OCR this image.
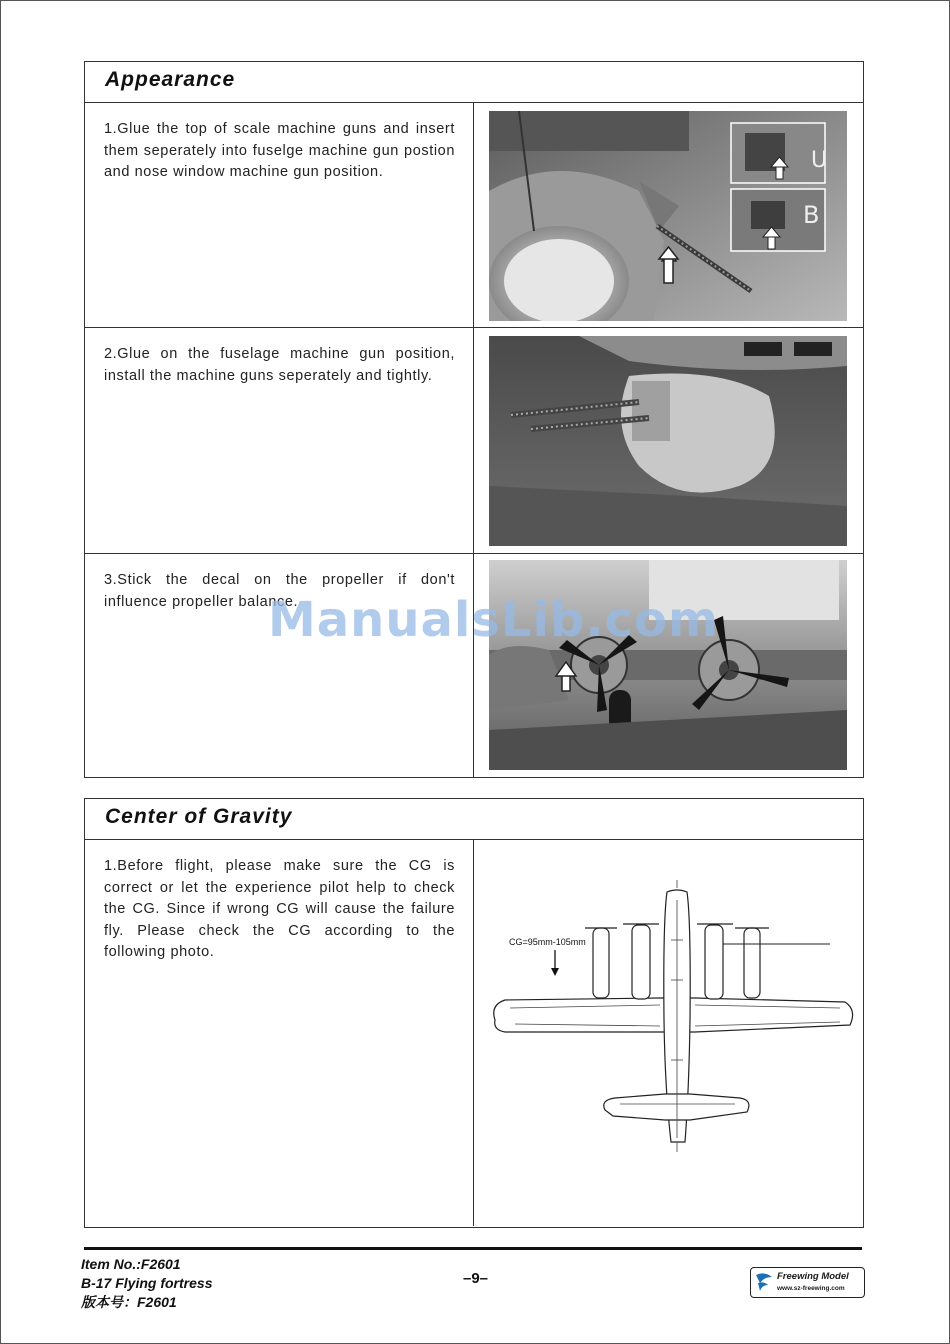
Appearance

1.Glue the top of scale machine guns and insert them seperately into fuselge machine gun postion and nose window machine gun position.	U
B

2.Glue on the fuselage machine gun position, install the machine guns seperately and tightly.

3.Stick the decal on the propeller if don't influence propeller balance.

Center of Gravity

1.Before flight, please make sure the CG is correct or let the experience pilot help to check the CG. Since if wrong CG will cause the failure fly. Please check the CG according to the following photo.

CG=95mm-105mm
ManualsLib.com
Item No.:F2601
B-17 Flying fortress
版本号：F2601
–9–	Freewing Model
www.sz-freewing.com
